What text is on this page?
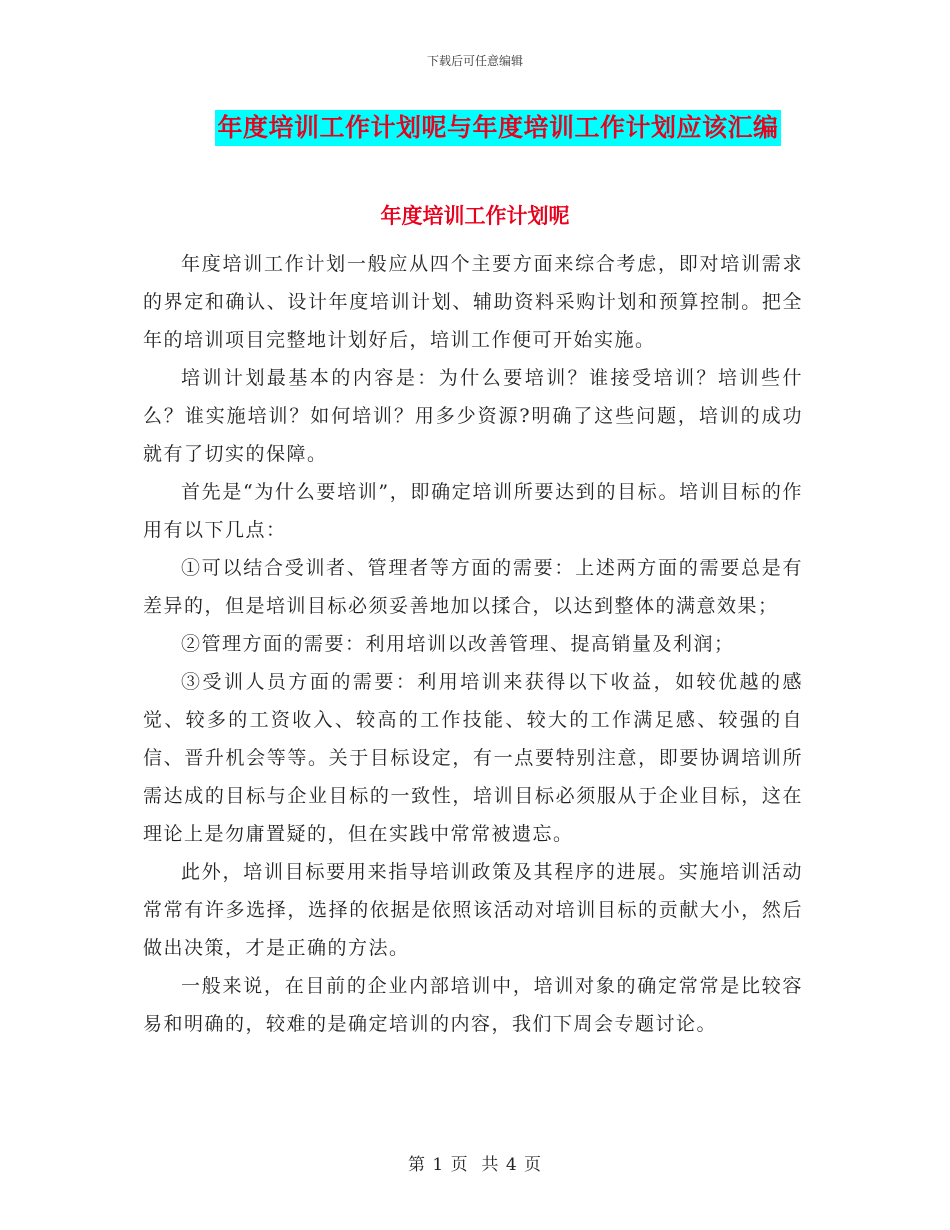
下载后可任意编辑
年度培训工作计划呢与年度培训工作计划应该汇编
年度培训工作计划呢

年度培训工作计划一般应从四个主要方面来综合考虑，即对培训需求的界定和确认、设计年度培训计划、辅助资料采购计划和预算控制。把全年的培训项目完整地计划好后，培训工作便可开始实施。

培训计划最基本的内容是：为什么要培训？谁接受培训？培训些什么？谁实施培训？如何培训？用多少资源?明确了这些问题，培训的成功就有了切实的保障。

首先是“为什么要培训”，即确定培训所要达到的目标。培训目标的作用有以下几点：

①可以结合受训者、管理者等方面的需要：上述两方面的需要总是有差异的，但是培训目标必须妥善地加以揉合，以达到整体的满意效果；

②管理方面的需要：利用培训以改善管理、提高销量及利润；

③受训人员方面的需要：利用培训来获得以下收益，如较优越的感觉、较多的工资收入、较高的工作技能、较大的工作满足感、较强的自信、晋升机会等等。关于目标设定，有一点要特别注意，即要协调培训所需达成的目标与企业目标的一致性，培训目标必须服从于企业目标，这在理论上是勿庸置疑的，但在实践中常常被遗忘。

此外，培训目标要用来指导培训政策及其程序的进展。实施培训活动常常有许多选择，选择的依据是依照该活动对培训目标的贡献大小，然后做出决策，才是正确的方法。

一般来说，在目前的企业内部培训中，培训对象的确定常常是比较容易和明确的，较难的是确定培训的内容，我们下周会专题讨论。

第 1 页  共 4 页
